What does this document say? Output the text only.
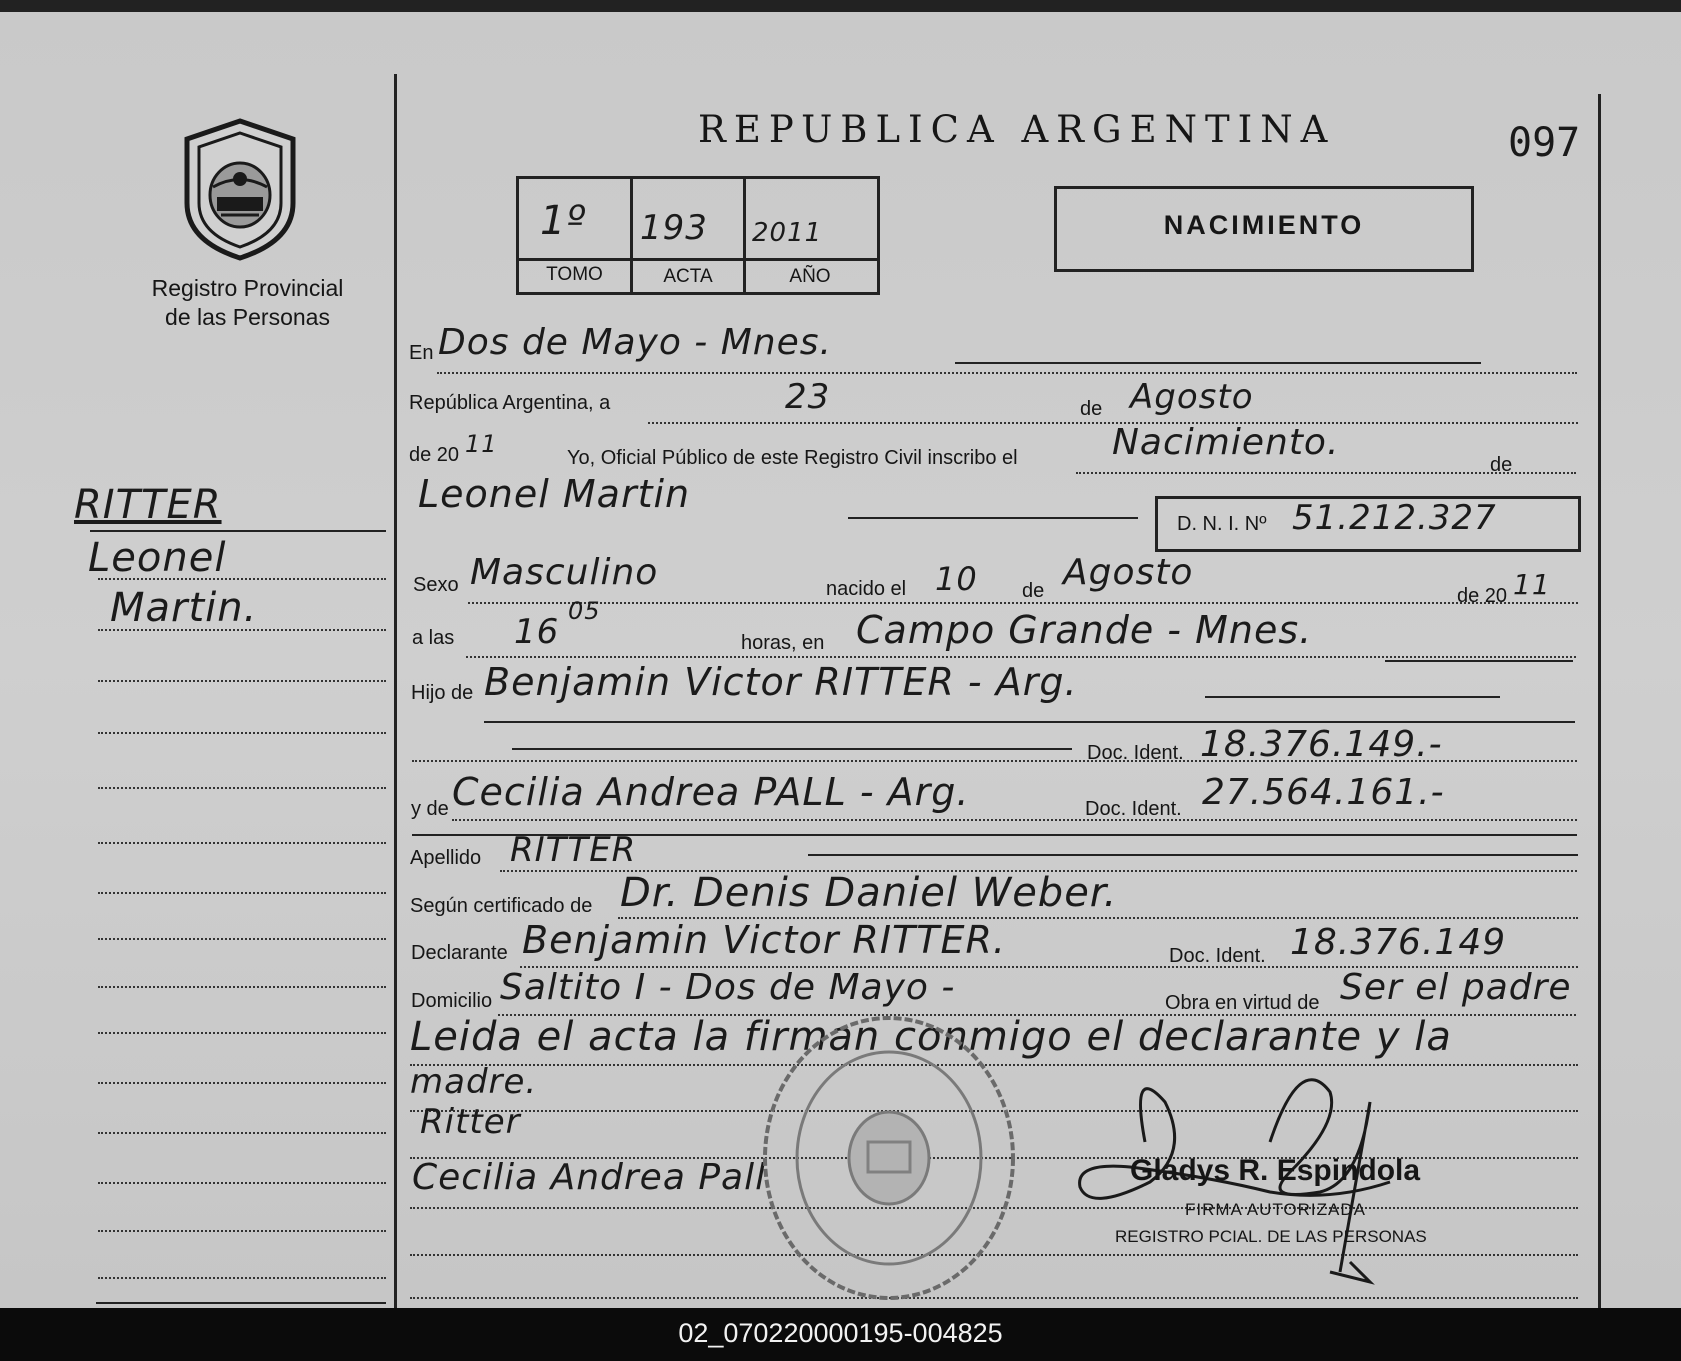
Registro Provincial
de las Personas
RITTER
Leonel
Martin.
REPUBLICA ARGENTINA	097
1º 193 2011
TOMO	ACTA	AÑO
NACIMIENTO
En Dos de Mayo - Mnes.
República Argentina, a	23	de Agosto
de 20 11	Yo, Oficial Público de este Registro Civil inscribo el	Nacimiento.
de
Leonel Martin
D. N. I. Nº 51.212.327
Sexo Masculino	nacido el 10 de Agosto
de 20 11
a las 16
05
horas, en Campo Grande - Mnes.
Hijo de Benjamin Victor RITTER - Arg.
Doc. Ident. 18.376.149.-
y de Cecilia Andrea PALL - Arg.	Doc. Ident. 27.564.161.-
Apellido RITTER
Según certificado de Dr. Denis Daniel Weber.
Declarante Benjamin Victor RITTER.	Doc. Ident. 18.376.149
Domicilio Saltito I - Dos de Mayo -	Obra en virtud de Ser el padre
Leida el acta la firman conmigo el declarante y la
madre.
Ritter
Cecilia Andrea Pall	Gladys R. Espindola
FIRMA AUTORIZADA
REGISTRO PCIAL. DE LAS PERSONAS
02_070220000195-004825
